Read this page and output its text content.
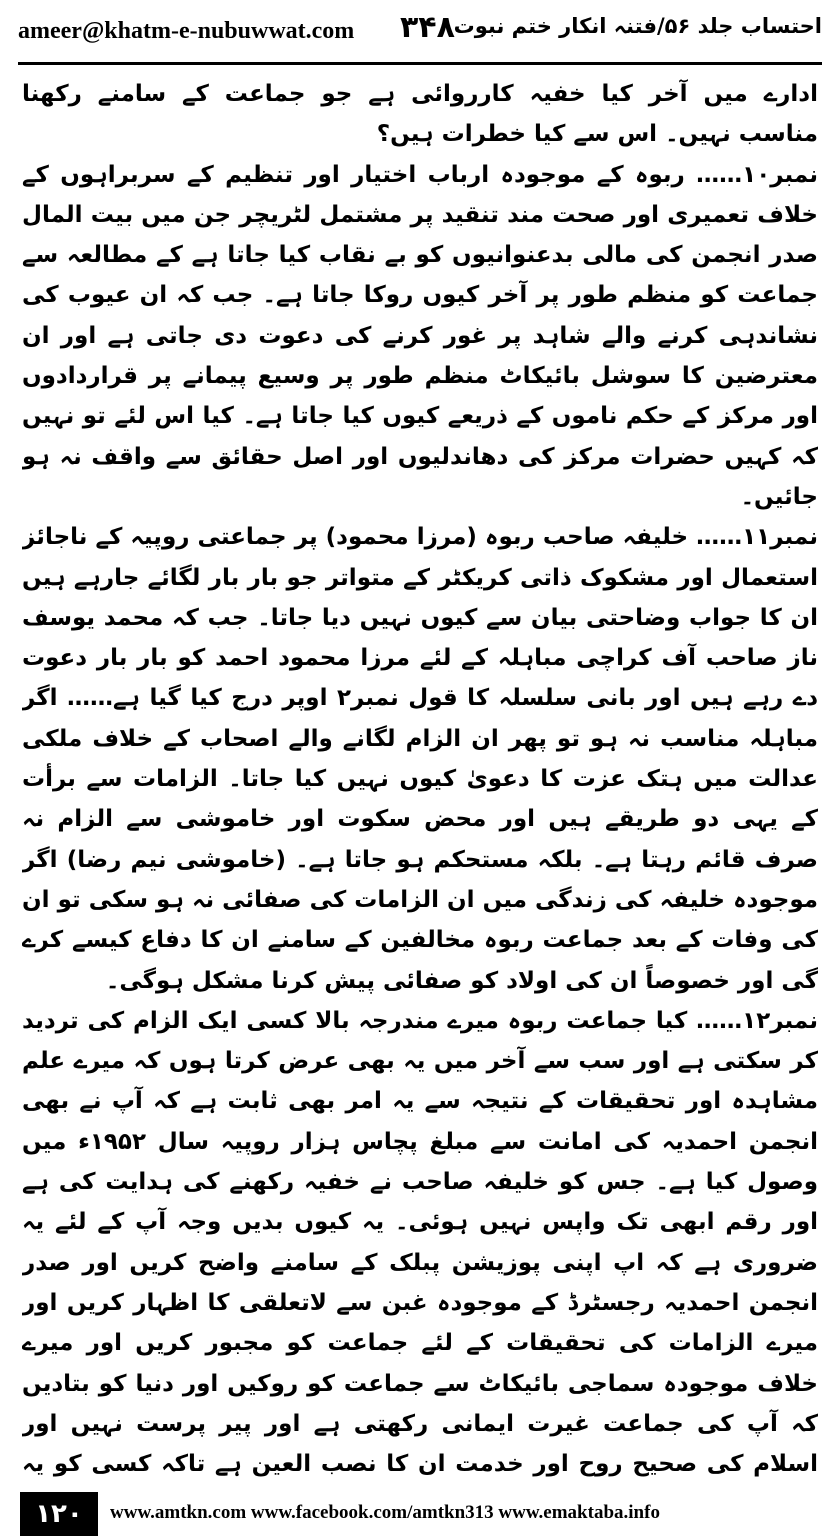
ameer@khatm-e-nubuwwat.com ۳۴۸
احتساب جلد ۵۶/فتنہ انکار ختم نبوت

ادارے میں آخر کیا خفیہ کارروائی ہے جو جماعت کے سامنے رکھنا مناسب نہیں۔ اس سے کیا خطرات ہیں؟

نمبر۱۰…… ربوہ کے موجودہ ارباب اختیار اور تنظیم کے سربراہوں کے خلاف تعمیری اور صحت مند تنقید پر مشتمل لٹریچر جن میں بیت المال صدر انجمن کی مالی بدعنوانیوں کو بے نقاب کیا جاتا ہے کے مطالعہ سے جماعت کو منظم طور پر آخر کیوں روکا جاتا ہے۔ جب کہ ان عیوب کی نشاندہی کرنے والے شاہد پر غور کرنے کی دعوت دی جاتی ہے اور ان معترضین کا سوشل بائیکاٹ منظم طور پر وسیع پیمانے پر قراردادوں اور مرکز کے حکم ناموں کے ذریعے کیوں کیا جاتا ہے۔ کیا اس لئے تو نہیں کہ کہیں حضرات مرکز کی دھاندلیوں اور اصل حقائق سے واقف نہ ہو جائیں۔

نمبر۱۱…… خلیفہ صاحب ربوہ (مرزا محمود) پر جماعتی روپیہ کے ناجائز استعمال اور مشکوک ذاتی کریکٹر کے متواتر جو بار بار لگائے جارہے ہیں ان کا جواب وضاحتی بیان سے کیوں نہیں دیا جاتا۔ جب کہ محمد یوسف ناز صاحب آف کراچی مباہلہ کے لئے مرزا محمود احمد کو بار بار دعوت دے رہے ہیں اور بانی سلسلہ کا قول نمبر۲ اوپر درج کیا گیا ہے…… اگر مباہلہ مناسب نہ ہو تو پھر ان الزام لگانے والے اصحاب کے خلاف ملکی عدالت میں ہتک عزت کا دعویٰ کیوں نہیں کیا جاتا۔ الزامات سے برأت کے یہی دو طریقے ہیں اور محض سکوت اور خاموشی سے الزام نہ صرف قائم رہتا ہے۔ بلکہ مستحکم ہو جاتا ہے۔ (خاموشی نیم رضا) اگر موجودہ خلیفہ کی زندگی میں ان الزامات کی صفائی نہ ہو سکی تو ان کی وفات کے بعد جماعت ربوہ مخالفین کے سامنے ان کا دفاع کیسے کرے گی اور خصوصاً ان کی اولاد کو صفائی پیش کرنا مشکل ہوگی۔

نمبر۱۲…… کیا جماعت ربوہ میرے مندرجہ بالا کسی ایک الزام کی تردید کر سکتی ہے اور سب سے آخر میں یہ بھی عرض کرتا ہوں کہ میرے علم مشاہدہ اور تحقیقات کے نتیجہ سے یہ امر بھی ثابت ہے کہ آپ نے بھی انجمن احمدیہ کی امانت سے مبلغ پچاس ہزار روپیہ سال ۱۹۵۲ء میں وصول کیا ہے۔ جس کو خلیفہ صاحب نے خفیہ رکھنے کی ہدایت کی ہے اور رقم ابھی تک واپس نہیں ہوئی۔ یہ کیوں بدیں وجہ آپ کے لئے یہ ضروری ہے کہ اپ اپنی پوزیشن پبلک کے سامنے واضح کریں اور صدر انجمن احمدیہ رجسٹرڈ کے موجودہ غبن سے لاتعلقی کا اظہار کریں اور میرے الزامات کی تحقیقات کے لئے جماعت کو مجبور کریں اور میرے خلاف موجودہ سماجی بائیکاٹ سے جماعت کو روکیں اور دنیا کو بتادیں کہ آپ کی جماعت غیرت ایمانی رکھتی ہے اور پیر پرست نہیں اور اسلام کی صحیح روح اور خدمت ان کا نصب العین ہے تاکہ کسی کو یہ

۱۲۰	www.amtkn.com www.facebook.com/amtkn313 www.emaktaba.info
